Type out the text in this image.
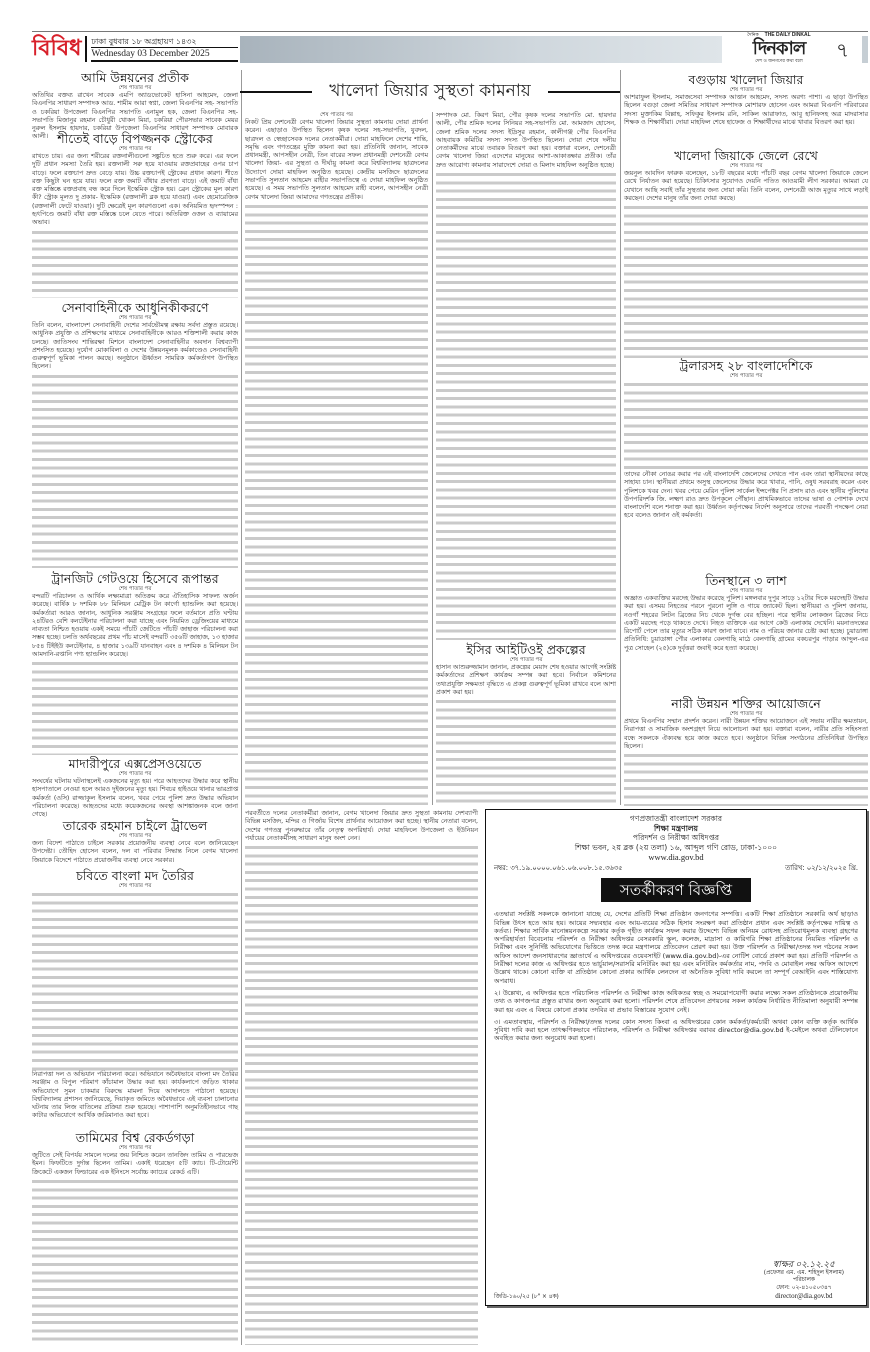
বিবিধ ঢাকা বুধবার ১৮ অগ্রহায়ণ ১৪৩২
Wednesday 03 December 2025
দৈনিক THE DAILY DINKAL
দিনকাল
দেশ ও জনগণের কথা বলে ৭
আমি উন্নয়নের প্রতীক
শেষ পাতার পর
অতিথির বক্তব্য রাখেন সাবেক এমপি অ্যাডভোকেট হাসিনা আহমেদ, জেলা বিএনপির সাধারণ সম্পাদক আড. শামীম আরা স্বপ্না, জেলা বিএনপির সহ- সভাপতি ও চকরিয়া উপজেলা বিএনপির সভাপতি এনামুল হক, জেলা বিএনপির সহ-সভাপতি মিজানুর রহমান চৌধুরী খোকন মিয়া, চকরিয়া পৌরসভার সাবেক মেয়র নুরুল ইসলাম হায়দার, চকরিয়া উপজেলা বিএনপির সাধারণ সম্পাদক মোবারক আলী। শীতেই বাড়ে বিপজ্জনক স্ট্রোকের
শেষ পাতার পর
রাখতে চায়। এর জন্য শরীরের রক্তনালীগুলো সঙ্কুচিত হতে শুরু করে। এর ফলে দুটি প্রধান সমস্যা তৈরি হয়। রক্তনালী সরু হয়ে যাওয়ায় রক্তপ্রবাহের ওপর চাপ বাড়ে। ফলে রক্তচাপ দ্রুত বেড়ে যায়। উচ্চ রক্তচাপই স্ট্রোকের প্রধান কারণ। শীতে রক্ত কিছুটা ঘন হয়ে যায়। ফলে রক্ত জমাট বাঁধার প্রবণতা বাড়ে। এই জমাট বাঁধা রক্ত মস্তিষ্কে রক্তপ্রবাহ বন্ধ করে দিলে ইস্কেমিক স্ট্রোক হয়। ব্রেন স্ট্রোকের মূল কারণ কী? স্ট্রোক মূলত দু প্রকার- ইস্কেমিক (রক্তনালী ব্লক হয়ে যাওয়া) এবং হেমোরেজিক (রক্তনালী ফেটে যাওয়া)। দুটি ক্ষেত্রেই মূল কারণগুলো এক। অনিয়মিত হৃদস্পন্দন : হৃৎপিণ্ডে জমাট বাঁধা রক্ত মস্তিষ্কে চলে যেতে পারে। অতিরিক্ত ওজন ও ব্যায়ামের অভাব।
সেনাবাহিনীকে আধুনিকীকরণে
শেষ পাতার পর
তিনি বলেন, বাংলাদেশ সেনাবাহিনী দেশের সার্বভৌমত্ব রক্ষায় সর্বদা প্রস্তুত রয়েছে। আধুনিক প্রযুক্তি ও প্রশিক্ষণের মাধ্যমে সেনাবাহিনীকে আরও শক্তিশালী করার কাজ চলছে। জাতিসংঘ শান্তিরক্ষা মিশনে বাংলাদেশ সেনাবাহিনীর অবদান বিশ্বব্যাপী প্রশংসিত হয়েছে। দুর্যোগ মোকাবিলা ও দেশের উন্নয়নমূলক কর্মকাণ্ডেও সেনাবাহিনী গুরুত্বপূর্ণ ভূমিকা পালন করছে। অনুষ্ঠানে ঊর্ধ্বতন সামরিক কর্মকর্তাগণ উপস্থিত ছিলেন।
ট্রানজিট গেটওয়ে হিসেবে রূপান্তর
শেষ পাতার পর
বন্দরটি পরিচালন ও আর্থিক লক্ষ্যমাত্রা অতিক্রম করে ঐতিহাসিক সাফল্য অর্জন করেছে। বার্ষিক ৮ দশমিক ৮৮ মিলিয়ন মেট্রিক টন কার্গো হ্যান্ডলিং করা হয়েছে। কর্মকর্তারা আরও জানান, আধুনিক সরঞ্জাম সংগ্রহের ফলে বর্তমানে প্রতি ঘণ্টায় ২৪টিরও বেশি কনটেইনার পরিচালনা করা যাচ্ছে এবং নিয়মিত ড্রেজিংয়ের মাধ্যমে নাব্যতা নিশ্চিত হওয়ায় একই সময়ে পাঁচটি জেটিতে পাঁচটি জাহাজ পরিচালনা করা সম্ভব হচ্ছে। চলতি অর্থবছরের প্রথম পাঁচ মাসেই বন্দরটি ৩৫৬টি জাহাজ, ১৩ হাজার ৮৫৪ টিইইউ কনটেইনার, ৪ হাজার ১৩৯টি যানবাহন এবং ৪ দশমিক ৪ মিলিয়ন টন আমদানি-রপ্তানি পণ্য হ্যান্ডলিং করেছে।
মাদারীপুরে এক্সপ্রেসওয়েতে
শেষ পাতার পর
সংঘর্ষের ঘটনায় ঘটনাস্থলেই একজনের মৃত্যু হয়। পরে আহতদের উদ্ধার করে স্থানীয় হাসপাতালে নেওয়া হলে আরও দুইজনের মৃত্যু হয়। শিবচর হাইওয়ে থানার ভারপ্রাপ্ত কর্মকর্তা (ওসি) রাজ্জাকুল ইসলাম বলেন, খবর পেয়ে পুলিশ দ্রুত উদ্ধার অভিযান পরিচালনা করেছে। আহতদের মধ্যে কয়েকজনের অবস্থা আশঙ্কাজনক বলে জানা গেছে।
তারেক রহমান চাইলে ট্রাভেল
শেষ পাতার পর
জন্য বিদেশ পাঠাতে চাইলে সরকার প্রয়োজনীয় ব্যবস্থা নেবে বলে জানিয়েছেন উপদেষ্টা। তৌহিদ হোসেন বলেন, দল বা পরিবার সিদ্ধান্ত নিলে বেগম খালেদা জিয়াকে বিদেশে পাঠাতে প্রয়োজনীয় ব্যবস্থা নেবে সরকার।
চবিতে বাংলা মদ তৈরির
শেষ পাতার পর
নিরাপত্তা দল ও অভিযান পরিচালনা করে। অভিযানে অবৈধভাবে বাংলা মদ তৈরির সরঞ্জাম ও বিপুল পরিমাণ কাঁচামাল উদ্ধার করা হয়। কার্যকলাপে জড়িত থাকার অভিযোগে সুমন চাকমার বিরুদ্ধে মামলা দিয়ে আদালতে পাঠানো হয়েছে। বিশ্ববিদ্যালয় প্রশাসন জানিয়েছে, দিয়াকৃত জমিতে অবৈধভাবে এই ব্যবসা চালানোর ঘটনায় তার লিজ বাতিলের প্রক্রিয়া শুরু হয়েছে। পাশাপাশি অনুমতিহীনভাবে গাছ কাটার অভিযোগে আর্থিক জরিমানাও করা হবে।
তামিমের বিশ্ব রেকর্ডগড়া
শেষ পাতার পর
জুটিতে সেই বিপর্যয় সামলে দলের জয় নিশ্চিত করেন তানজিদ তামিম ও পারভেজ ইমন। ফিফটিতে দুর্দান্ত ছিলেন তামিম। একাই ধরেছেন ৫টি ক্যাচ। টি-টোয়েন্টি ক্রিকেটে একজন ফিল্ডারের এক ইনিংসে সর্বোচ্চ ক্যাচের রেকর্ড এটি।
খালেদা জিয়ার সুস্থতা কামনায়
শেষ পাতার পর
নিকট প্রিয় দেশনেত্রী বেগম খালেদা জিয়ার সুস্থতা কামনায় দোয়া প্রার্থনা করেন। এছাড়াও উপস্থিত ছিলেন কৃষক দলের সহ-সভাপতি, যুবদল, ছাত্রদল ও স্বেচ্ছাসেবক দলের নেতাকর্মীরা। দোয়া মাহফিলে দেশের শান্তি, সমৃদ্ধি এবং গণতন্ত্রের মুক্তি কামনা করা হয়। প্রতিনিধি জানান, সাবেক প্রধানমন্ত্রী, আপসহীন নেত্রী, তিন বারের সফল প্রধানমন্ত্রী দেশনেত্রী বেগম খালেদা জিয়া- এর সুস্থতা ও দীর্ঘায়ু কামনা করে বিশ্ববিদ্যালয় ছাত্রদলের উদ্যোগে দোয়া মাহফিল অনুষ্ঠিত হয়েছে। কেন্দ্রীয় মসজিদে ছাত্রদলের সভাপতি সুলতান আহমেদ রাহীর সভাপতিত্বে এ দোয়া মাহফিল অনুষ্ঠিত হয়েছে। এ সময় সভাপতি সুলতান আহমেদ রাহী বলেন, আপসহীন নেত্রী বেগম খালেদা জিয়া আমাদের গণতন্ত্রের প্রতীক।
সম্পাদক মো. কিরণ মিয়া, পৌর কৃষক দলের সভাপতি মো. হায়দার আলী, পৌর শ্রমিক দলের সিনিয়র সহ-সভাপতি মো. আমজাদ হোসেন, জেলা শ্রমিক দলের সদস্য ইদ্রিসুর রহমান, কালীগঞ্জ পৌর বিএনপির আহবায়ক কমিটির সদস্য সদস্য উপস্থিত ছিলেন। দোয়া শেষে দলীয় নেতাকর্মীদের মাঝে তবারক বিতরণ করা হয়। বক্তারা বলেন, দেশনেত্রী বেগম খালেদা জিয়া এদেশের মানুষের আশা-আকাঙ্ক্ষার প্রতীক। তাঁর দ্রুত আরোগ্য কামনায় সারাদেশে দোয়া ও মিলাদ মাহফিল অনুষ্ঠিত হচ্ছে।
ইসির আইটিওই প্রকল্পের
শেষ পাতার পর
হাসান আশুরুজ্জামান জানান, প্রকল্পের মেয়াদ শেষ হওয়ার আগেই সংশ্লিষ্ট কর্মকর্তাদের প্রশিক্ষণ কার্যক্রম সম্পন্ন করা হবে। নির্বাচন কমিশনের তথ্যপ্রযুক্তি সক্ষমতা বৃদ্ধিতে এ প্রকল্প গুরুত্বপূর্ণ ভূমিকা রাখবে বলে আশা প্রকাশ করা হয়।
পরবর্তীতে দলের নেতাকর্মীরা জানান, বেগম খালেদা জিয়ার দ্রুত সুস্থতা কামনায় দেশব্যাপী বিভিন্ন মসজিদ, মন্দির ও গির্জায় বিশেষ প্রার্থনার আয়োজন করা হচ্ছে। স্থানীয় নেতারা বলেন, দেশের গণতন্ত্র পুনরুদ্ধারে তাঁর নেতৃত্ব অপরিহার্য। দোয়া মাহফিলে উপজেলা ও ইউনিয়ন পর্যায়ের নেতাকর্মীসহ সাধারণ মানুষ অংশ নেন।
বগুড়ায় খালেদা জিয়ার
শেষ পাতার পর
আশরাফুল ইসলাম, সমাজসেবা সম্পাদক আত্তান আহমেদ, সদস্য অরণ্য পাশা। এ ছাড়া উপস্থিত ছিলেন বগুড়া জেলা সমিতির সাধারণ সম্পাদক মোশারফ হোসেন এবং আমরা বিএনপি পরিবারের সদস্য মুক্তাকিম বিল্লাহ, সফিকুর ইসলাম রনি, সাকিল আরাফাত, আবু হানিফসহ অত্র মাদরাসার শিক্ষক ও শিক্ষার্থীরা। দোয়া মাহফিল শেষে হাফেজ ও শিক্ষার্থীদের মাঝে খাবার বিতরণ করা হয়।
খালেদা জিয়াকে জেলে রেখে
শেষ পাতার পর
জয়নুল আবদিন ফারুক বলেছেন, ১৮টি বছরের মধ্যে পাঁচটি বছর বেগম খালেদা জিয়াকে জেলে রেখে নির্যাতন করা হয়েছে। চিকিৎসার সুযোগও দেয়নি পতিত আওয়ামী লীগ সরকার। আমরা যে যেখানে আছি সবাই তাঁর সুস্থতার জন্য দোয়া করি। তিনি বলেন, দেশনেত্রী আজ মৃত্যুর সাথে লড়াই করছেন। দেশের মানুষ তাঁর জন্য দোয়া করছে।
ট্রলারসহ ২৮ বাংলাদেশিকে
শেষ পাতার পর
তাদের নৌকা নোঙর করার পর এই বাংলাদেশি জেলেদের দেখতে পান এবং তারা স্থানীয়দের কাছে সাহায্য চান। স্থানীয়রা প্রথমে অসুস্থ জেলেদের উদ্ধার করে খাবার, পানি, ওষুধ সরবরাহ করেন এবং পুলিশকে খবর দেন। খবর পেয়ে মেরিন পুলিশ সার্কেল ইন্সপেক্টর পি প্রসাদ রাও এবং স্থানীয় পুলিশের উপপরিদর্শক জি. লক্ষ্মণ রাও দ্রুত উপকূলে পৌঁছান। প্রাথমিকভাবে তাদের ভাষা ও পোশাক দেখে বাংলাদেশি বলে শনাক্ত করা হয়। উর্ধ্বতন কর্তৃপক্ষের নির্দেশ অনুসারে তাদের পরবর্তী পদক্ষেপ নেয়া হবে বলেও জানান ওই কর্মকর্তা।
তিনস্থানে ৩ লাশ
শেষ পাতার পর
অজ্ঞাত একব্যক্তির মরদেহ উদ্ধার করেছে পুলিশ। মঙ্গলবার দুপুর সাড়ে ১২টার দিকে মরদেহটি উদ্ধার করা হয়। এসময় নিহতের পরনে পুরনো লুঙ্গি ও গায়ে জ্যাকেট ছিল। স্থানীয়রা ও পুলিশ জানায়, নওগাঁ শহরের লিটন ব্রিজের নিচ থেকে দুর্গন্ধ বের হচ্ছিল। পরে স্থানীয় লোকজন ব্রিজের নিচে একটি মরদেহ পড়ে থাকতে দেখে। নিহত ব্যক্তিকে এর আগে কেউ এলাকায় দেখেনি। ময়নাতদন্তের রিপোর্ট পেলে তার মৃত্যুর সঠিক কারণ জানা যাবে। নাম ও পরিচয় জানার চেষ্টা করা হচ্ছে। চুয়াডাঙ্গা প্রতিনিধি: চুয়াডাঙ্গা পৌর এলাকার বেলগাছি মাঠে বেলগাছি গ্রামের বকচরপুর পাড়ার আব্দুল-এর পুত্র সোহেল (২৫)কে দুর্বৃত্তরা জবাই করে হত্যা করেছে।
নারী উন্নয়ন শক্তির আয়োজনে
শেষ পাতার পর
প্রথমে বিএনপির সম্মান প্রদর্শন করেন। নারী উন্নয়ন শক্তির আয়োজনে এই সভায় নারীর ক্ষমতায়ন, নিরাপত্তা ও সামাজিক অংশগ্রহণ নিয়ে আলোচনা করা হয়। বক্তারা বলেন, নারীর প্রতি সহিংসতা বন্ধে সকলকে ঐক্যবদ্ধ হয়ে কাজ করতে হবে। অনুষ্ঠানে বিভিন্ন সংগঠনের প্রতিনিধিরা উপস্থিত ছিলেন।
গণপ্রজাতন্ত্রী বাংলাদেশ সরকার
শিক্ষা মন্ত্রণালয়
পরিদর্শন ও নিরীক্ষা অধিদপ্তর
শিক্ষা ভবন, ২য় ব্লক (২য় তলা) ১৬, আব্দুল গণি রোড, ঢাকা-১০০০
www.dia.gov.bd
নম্বর: ৩৭.১৯.০০০০.০৬১.০৬.০০৮.১৫.৩৬৩৫	তারিখ: ০২/১২/২০২৫ খ্রি.
সতর্কীকরণ বিজ্ঞপ্তি

এতদ্বারা সংশ্লিষ্ট সকলকে জানানো যাচ্ছে যে, দেশের প্রতিটি শিক্ষা প্রতিষ্ঠান জনগণের সম্পত্তি। একটি শিক্ষা প্রতিষ্ঠানে সরকারি অর্থ ছাড়াও বিভিন্ন উৎস হতে আয় হয়। আয়ের সদ্ব্যবহার এবং আয়-ব্যয়ের সঠিক হিসাব সংরক্ষণ করা প্রতিষ্ঠান প্রধান এবং সংশ্লিষ্ট কর্তৃপক্ষের দায়িত্ব ও কর্তব্য। শিক্ষার সার্বিক মানোন্নয়নকল্পে সরকার কর্তৃক গৃহীত কার্যক্রম সফল করার উদ্দেশ্যে বিভিন্ন অনিয়ম রোধসহ প্রতিরোধমূলক ব্যবস্থা গ্রহণের অপরিহার্যতা বিবেচনায় পরিদর্শন ও নিরীক্ষা অধিদপ্তর বেসরকারি স্কুল, কলেজ, মাদ্রাসা ও কারিগরি শিক্ষা প্রতিষ্ঠানের নিয়মিত পরিদর্শন ও নিরীক্ষা এবং সুনির্দিষ্ট অভিযোগের ভিত্তিতে তদন্ত করে মন্ত্রণালয়ে প্রতিবেদন প্রেরণ করা হয়। উক্ত পরিদর্শন ও নিরীক্ষা/তদন্ত দল গঠনের সকল অফিস আদেশ জনসাধারণের জ্ঞাতার্থে এ অধিদপ্তরের ওয়েবসাইট (www.dia.gov.bd)-এর নোটিশ বোর্ডে প্রকাশ করা হয়। প্রতিটি পরিদর্শন ও নিরীক্ষা দলের কাজ এ অধিদপ্তর হতে ভার্চুয়াল/সরাসরি মনিটরিং করা হয় এবং মনিটরিং কর্মকর্তার নাম, পদবি ও মোবাইল নম্বর অফিস আদেশে উল্লেখ থাকে। কোনো ব্যক্তি বা প্রতিষ্ঠান কোনো প্রকার আর্থিক লেনদেন বা অনৈতিক সুবিধা দাবি করলে তা সম্পূর্ণ বেআইনি এবং শাস্তিযোগ্য অপরাধ।

২। উল্লেখ্য, এ অধিদপ্তর হতে পরিচালিত পরিদর্শন ও নিরীক্ষা কাজ অধিকতর স্বচ্ছ ও সময়োপযোগী করার লক্ষ্যে সকল প্রতিষ্ঠানকে প্রয়োজনীয় তথ্য ও কাগজপত্র প্রস্তুত রাখার জন্য অনুরোধ করা হলো। পরিদর্শন শেষে প্রতিবেদন প্রণয়নের সকল কার্যক্রম নির্ধারিত নীতিমালা অনুযায়ী সম্পন্ন করা হয় এবং এ বিষয়ে কোনো প্রকার তদবির বা প্রভাব বিস্তারের সুযোগ নেই।

৩। এমতাবস্থায়, পরিদর্শন ও নিরীক্ষা/তদন্ত দলের কোন সদস্য কিংবা এ অধিদপ্তরের কোন কর্মকর্তা/কর্মচারী অথবা কোন ব্যক্তি কর্তৃক আর্থিক সুবিধা দাবি করা হলে তাৎক্ষণিকভাবে পরিচালক, পরিদর্শন ও নিরীক্ষা অধিদপ্তর বরাবর director@dia.gov.bd ই-মেইলে অথবা টেলিফোনে অবহিত করার জন্য অনুরোধ করা হলো।

জিডি-১৬০/২৫ (৮" × ৪ক)
স্বাক্ষর ০২.১২.২৫
(প্রফেসর এম. এম. শহিদুল ইসলাম)
পরিচালক
ফোন: ০২-৪১০৫০৩৪৭
director@dia.gov.bd
